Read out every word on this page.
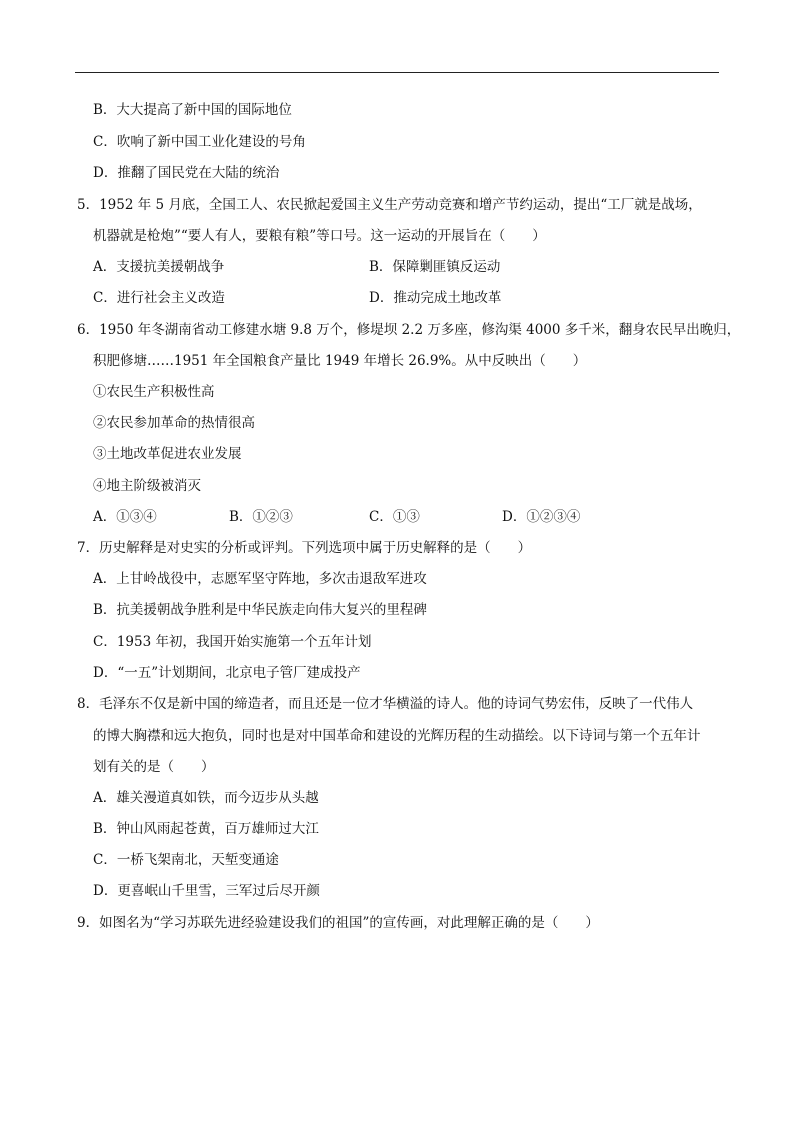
B．大大提高了新中国的国际地位
C．吹响了新中国工业化建设的号角
D．推翻了国民党在大陆的统治
5．1952 年 5 月底，全国工人、农民掀起爱国主义生产劳动竞赛和增产节约运动，提出“工厂就是战场，
机器就是枪炮”“要人有人，要粮有粮”等口号。这一运动的开展旨在（　　）
A．支援抗美援朝战争	B．保障剿匪镇反运动
C．进行社会主义改造	D．推动完成土地改革
6．1950 年冬湖南省动工修建水塘 9.8 万个，修堤坝 2.2 万多座，修沟渠 4000 多千米，翻身农民早出晚归，
积肥修塘……1951 年全国粮食产量比 1949 年增长 26.9%。从中反映出（　　）
①农民生产积极性高
②农民参加革命的热情很高
③土地改革促进农业发展
④地主阶级被消灭
A．①③④	B．①②③	C．①③	D．①②③④
7．历史解释是对史实的分析或评判。下列选项中属于历史解释的是（　　）
A．上甘岭战役中，志愿军坚守阵地，多次击退敌军进攻
B．抗美援朝战争胜利是中华民族走向伟大复兴的里程碑
C．1953 年初，我国开始实施第一个五年计划
D．“一五”计划期间，北京电子管厂建成投产
8．毛泽东不仅是新中国的缔造者，而且还是一位才华横溢的诗人。他的诗词气势宏伟，反映了一代伟人
的博大胸襟和远大抱负，同时也是对中国革命和建设的光辉历程的生动描绘。以下诗词与第一个五年计
划有关的是（　　）
A．雄关漫道真如铁，而今迈步从头越
B．钟山风雨起苍黄，百万雄师过大江
C．一桥飞架南北，天堑变通途
D．更喜岷山千里雪，三军过后尽开颜
9．如图名为“学习苏联先进经验建设我们的祖国”的宣传画，对此理解正确的是（　　）
